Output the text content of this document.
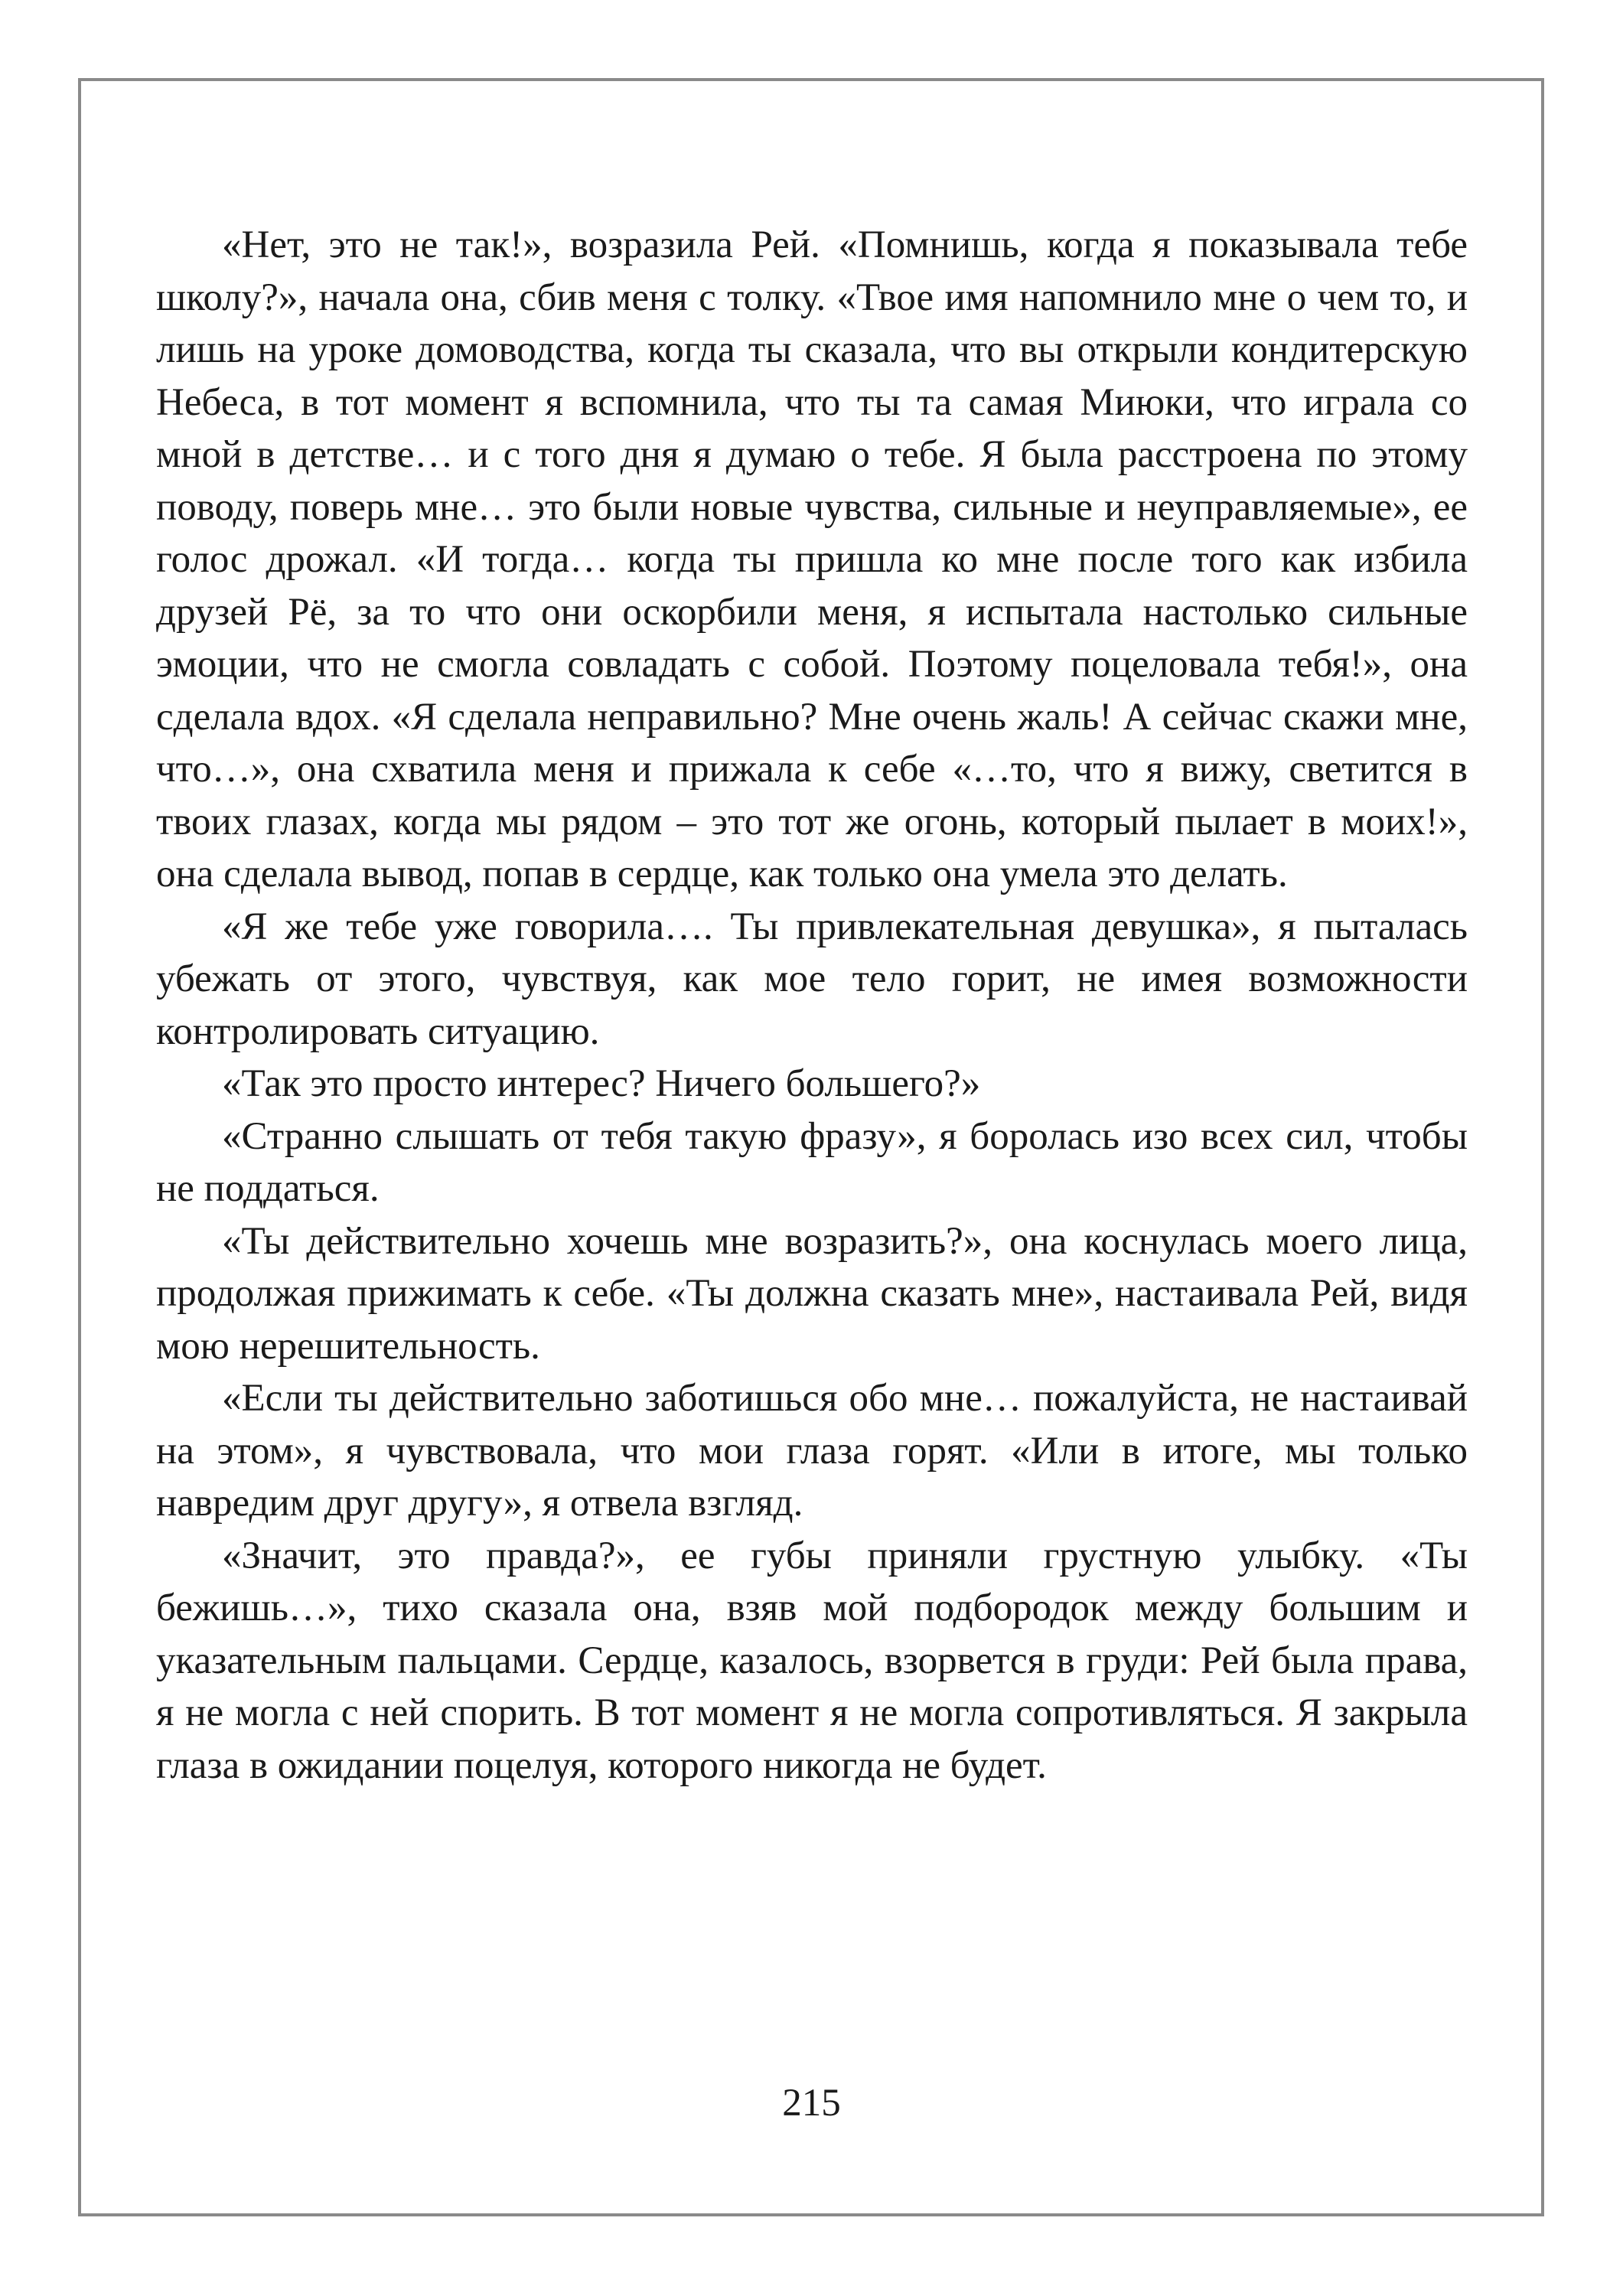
«Нет, это не так!», возразила Рей. «Помнишь, когда я показывала тебе школу?», начала она, сбив меня с толку. «Твое имя напомнило мне о чем то, и лишь на уроке домоводства, когда ты сказала, что вы открыли кондитерскую Небеса, в тот момент я вспомнила, что ты та самая Миюки, что играла со мной в детстве… и с того дня я думаю о тебе. Я была расстроена по этому поводу, поверь мне… это были новые чувства, сильные и неуправляемые», ее голос дрожал. «И тогда… когда ты пришла ко мне после того как избила друзей Рё, за то что они оскорбили меня, я испытала настолько сильные эмоции, что не смогла совладать с собой. Поэтому поцеловала тебя!», она сделала вдох. «Я сделала неправильно? Мне очень жаль! А сейчас скажи мне, что…», она схватила меня и прижала к себе «…то, что я вижу, светится в твоих глазах, когда мы рядом – это тот же огонь, который пылает в моих!», она сделала вывод, попав в сердце, как только она умела это делать.

«Я же тебе уже говорила…. Ты привлекательная девушка», я пыталась убежать от этого, чувствуя, как мое тело горит, не имея возможности контролировать ситуацию.

«Так это просто интерес? Ничего большего?»

«Странно слышать от тебя такую фразу», я боролась изо всех сил, чтобы не поддаться.

«Ты действительно хочешь мне возразить?», она коснулась моего лица, продолжая прижимать к себе. «Ты должна сказать мне», настаивала Рей, видя мою нерешительность.

«Если ты действительно заботишься обо мне… пожалуйста, не настаивай на этом», я чувствовала, что мои глаза горят. «Или в итоге, мы только навредим друг другу», я отвела взгляд.

«Значит, это правда?», ее губы приняли грустную улыбку. «Ты бежишь…», тихо сказала она, взяв мой подбородок между большим и указательным пальцами. Сердце, казалось, взорвется в груди: Рей была права, я не могла с ней спорить. В тот момент я не могла сопротивляться. Я закрыла глаза в ожидании поцелуя, которого никогда не будет.

215
